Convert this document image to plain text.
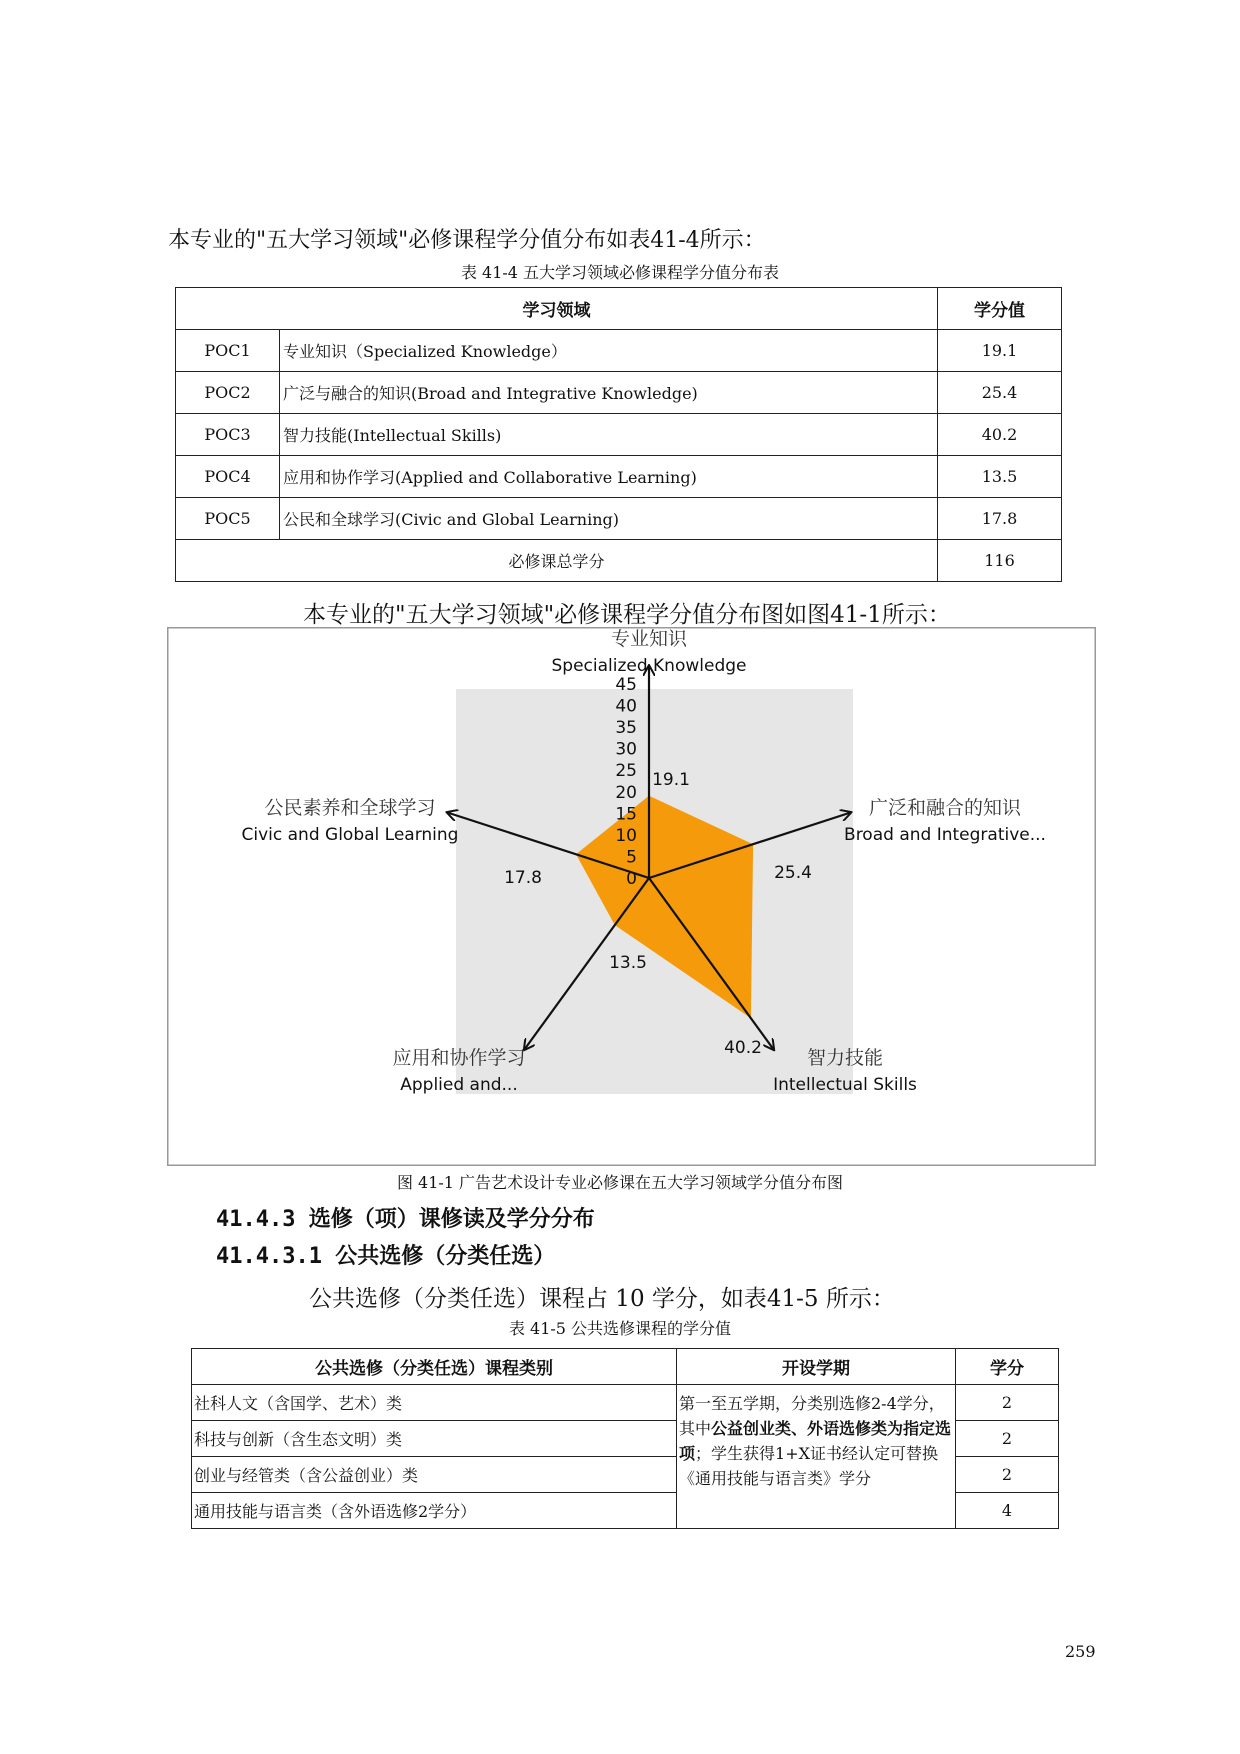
本专业的"五大学习领域"必修课程学分值分布如表41-4所示：
表 41-4 五大学习领域必修课程学分值分布表
学习领域		学分值
POC1	专业知识（Specialized Knowledge）	19.1
POC2	广泛与融合的知识(Broad and Integrative Knowledge)	25.4
POC3	智力技能(Intellectual Skills)	40.2
POC4	应用和协作学习(Applied and Collaborative Learning)	13.5
POC5	公民和全球学习(Civic and Global Learning)	17.8
必修课总学分		116
本专业的"五大学习领域"必修课程学分值分布图如图41-1所示：
0
5
10
15
20
25
30
35
40
45
专业知识
Specialized Knowledge
广泛和融合的知识
Broad and Integrative...
智力技能
Intellectual Skills
应用和协作学习
Applied and...
公民素养和全球学习
Civic and Global Learning
19.1
25.4
40.2
13.5
17.8
图 41-1 广告艺术设计专业必修课在五大学习领域学分值分布图
41.4.3 选修（项）课修读及学分分布
41.4.3.1 公共选修（分类任选）
公共选修（分类任选）课程占 10 学分，如表41-5 所示：
表 41-5 公共选修课程的学分值
公共选修（分类任选）课程类别	开设学期	学分
社科人文（含国学、艺术）类	第一至五学期，分类别选修2-4学分，其中公益创业类、外语选修类为指定选项；学生获得1+X证书经认定可替换《通用技能与语言类》学分	2
科技与创新（含生态文明）类		2
创业与经管类（含公益创业）类		2
通用技能与语言类（含外语选修2学分）		4
259
